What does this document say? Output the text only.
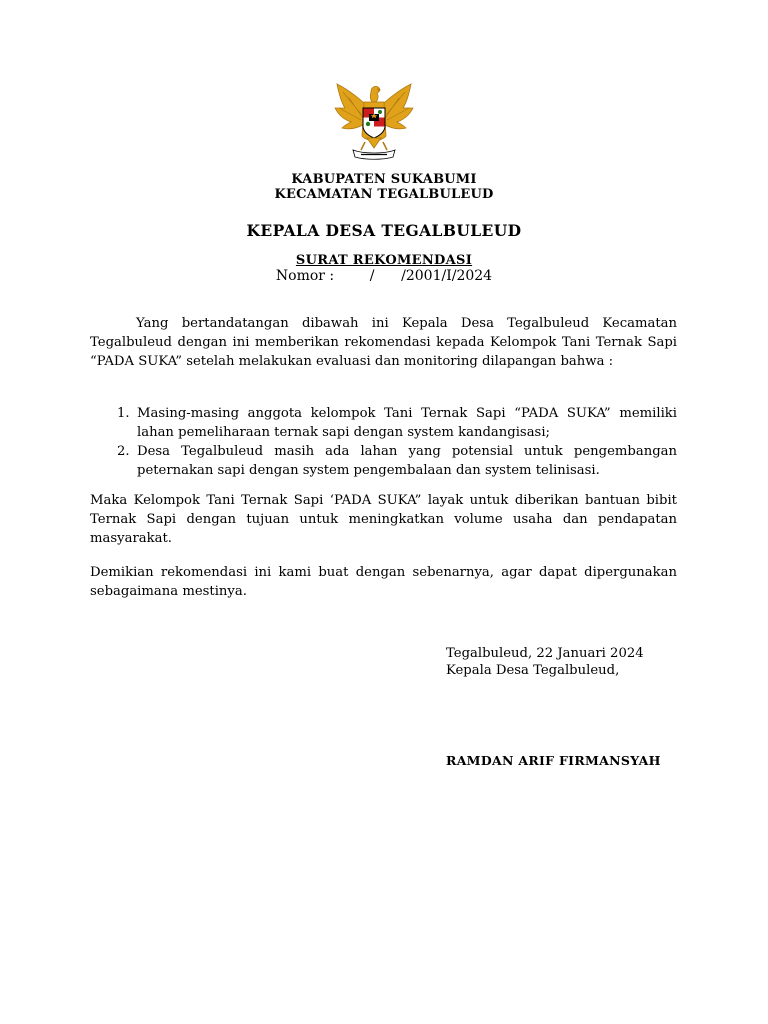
KABUPATEN SUKABUMI
KECAMATAN TEGALBULEUD
KEPALA DESA TEGALBULEUD
SURAT REKOMENDASI
Nomor :        /      /2001/I/2024
Yang bertandatangan dibawah ini Kepala Desa Tegalbuleud Kecamatan Tegalbuleud dengan ini memberikan rekomendasi kepada Kelompok Tani Ternak Sapi “PADA SUKA” setelah melakukan evaluasi dan monitoring dilapangan bahwa :
1. Masing-masing anggota kelompok Tani Ternak Sapi “PADA SUKA” memiliki lahan pemeliharaan ternak sapi dengan system kandangisasi;
2. Desa Tegalbuleud masih ada lahan yang potensial untuk pengembangan peternakan sapi dengan system pengembalaan dan system telinisasi.
Maka Kelompok Tani Ternak Sapi ‘PADA SUKA” layak untuk diberikan bantuan bibit Ternak Sapi dengan tujuan untuk meningkatkan volume usaha dan pendapatan masyarakat.
Demikian rekomendasi ini kami buat dengan sebenarnya, agar dapat dipergunakan sebagaimana mestinya.
Tegalbuleud, 22 Januari 2024
Kepala Desa Tegalbuleud,
RAMDAN ARIF FIRMANSYAH
